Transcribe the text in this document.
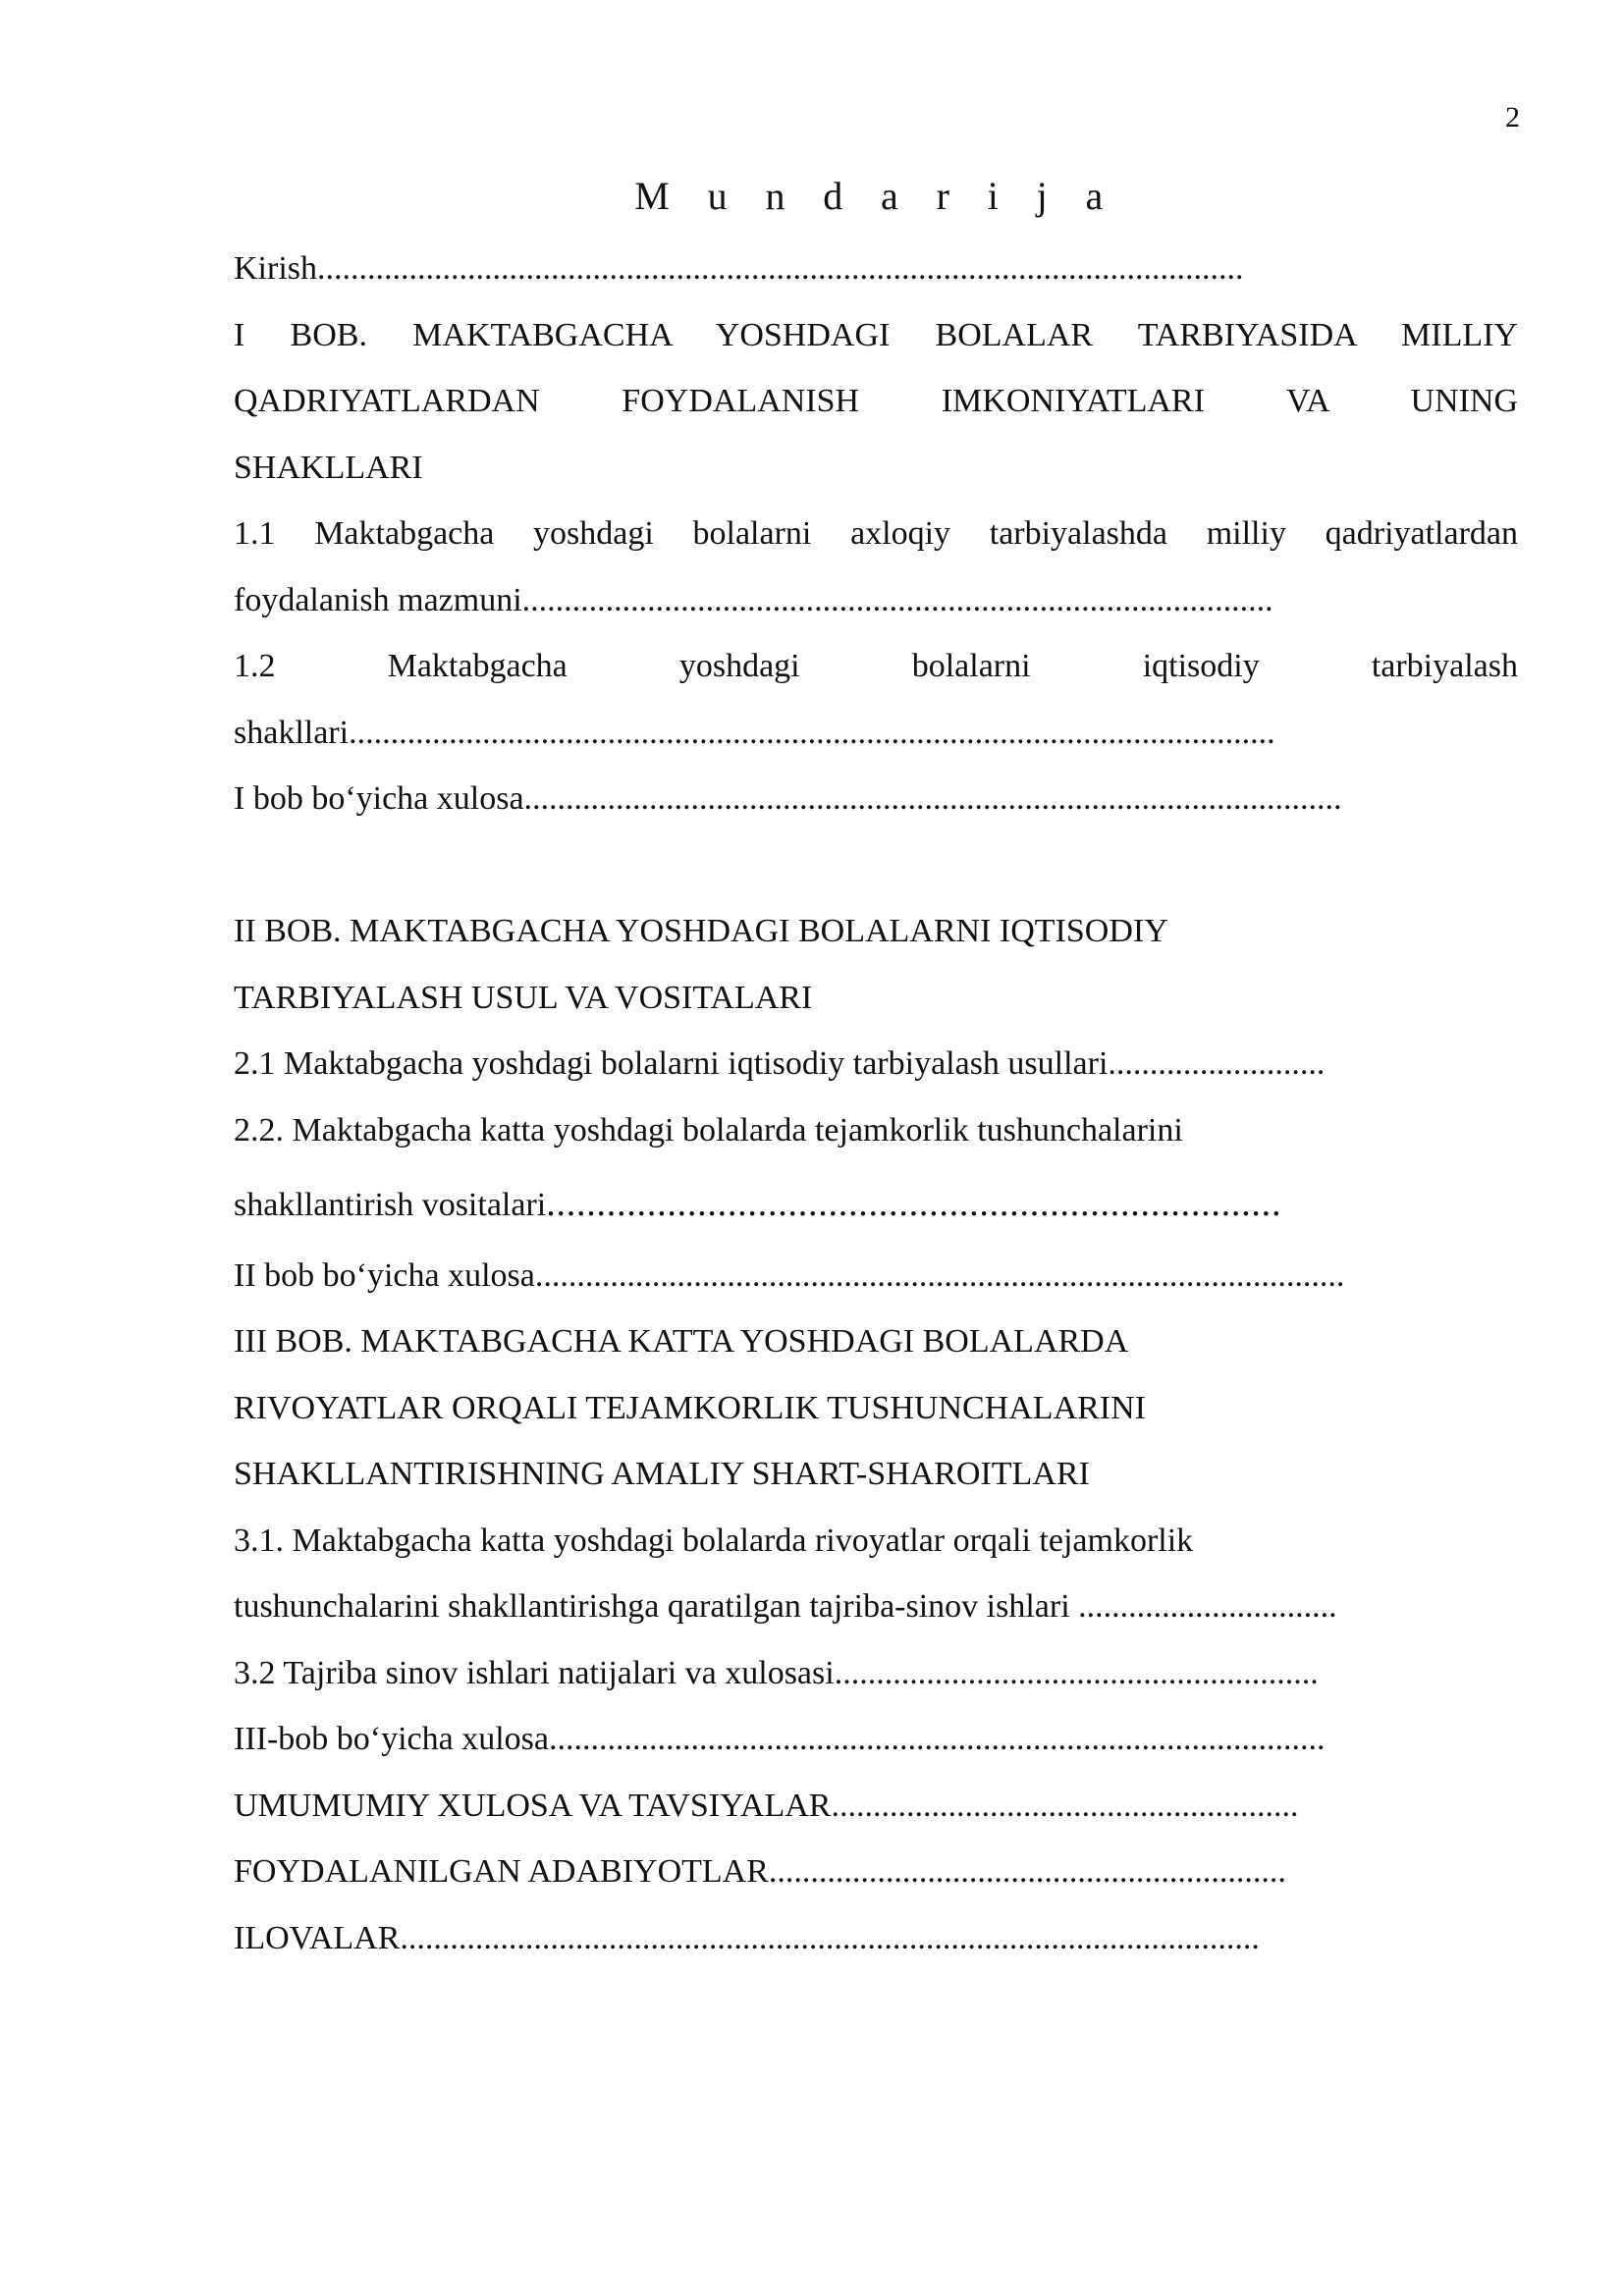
2
M u n d a r i j a

Kirish...............................................................................................................

I BOB. MAKTABGACHA YOSHDAGI BOLALAR TARBIYASIDA MILLIY

QADRIYATLARDAN FOYDALANISH IMKONIYATLARI VA UNING

SHAKLLARI

1.1 Maktabgacha yoshdagi bolalarni axloqiy tarbiyalashda milliy qadriyatlardan

foydalanish mazmuni..........................................................................................

1.2 Maktabgacha yoshdagi bolalarni iqtisodiy tarbiyalash

shakllari...............................................................................................................

I bob bo‘yicha xulosa..................................................................................................

II BOB. MAKTABGACHA YOSHDAGI BOLALARNI IQTISODIY

TARBIYALASH USUL VA VOSITALARI

2.1 Maktabgacha yoshdagi bolalarni iqtisodiy tarbiyalash usullari..........................

2.2. Maktabgacha katta yoshdagi bolalarda tejamkorlik tushunchalarini

shakllantirish vositalari.........................................................................

II bob bo‘yicha xulosa.................................................................................................

III BOB. MAKTABGACHA KATTA YOSHDAGI BOLALARDA

RIVOYATLAR ORQALI TEJAMKORLIK TUSHUNCHALARINI

SHAKLLANTIRISHNING AMALIY SHART-SHAROITLARI

3.1. Maktabgacha katta yoshdagi bolalarda rivoyatlar orqali tejamkorlik

tushunchalarini shakllantirishga qaratilgan tajriba-sinov ishlari ...............................

3.2 Tajriba sinov ishlari natijalari va xulosasi..........................................................

III-bob bo‘yicha xulosa.............................................................................................

UMUMUMIY XULOSA VA TAVSIYALAR........................................................

FOYDALANILGAN ADABIYOTLAR..............................................................

ILOVALAR.......................................................................................................
